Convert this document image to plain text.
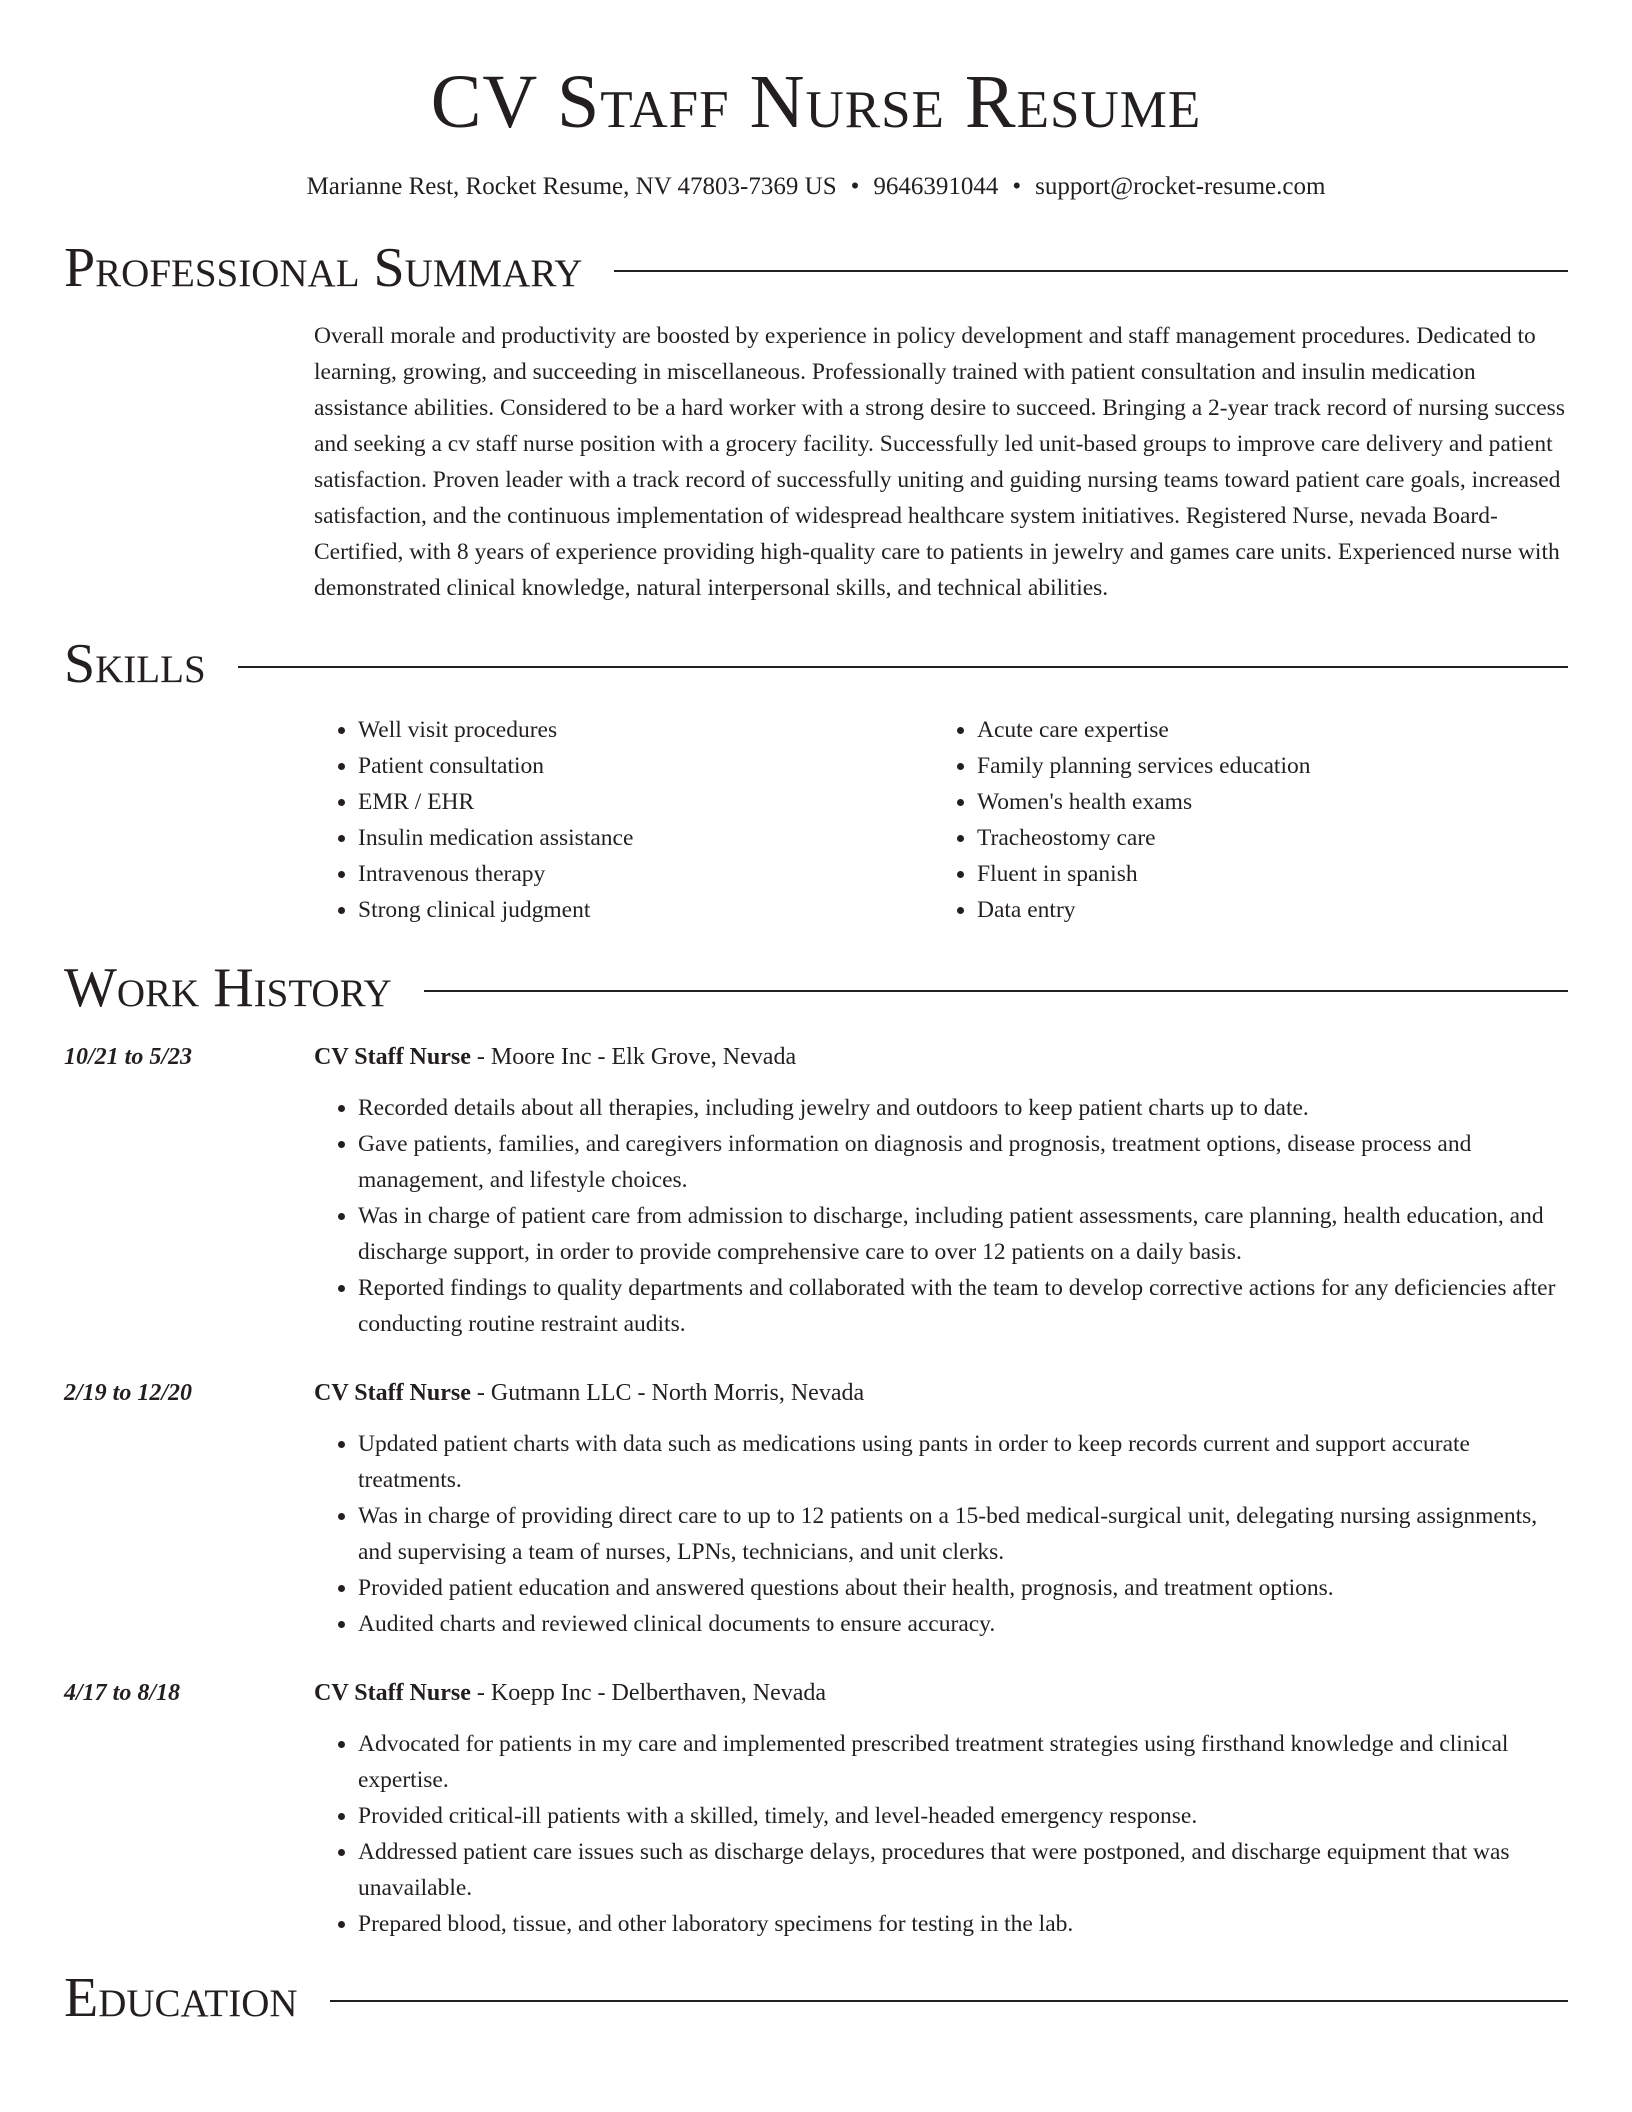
CV Staff Nurse Resume
Marianne Rest, Rocket Resume, NV 47803-7369 US • 9646391044 • support@rocket-resume.com
Professional Summary
Overall morale and productivity are boosted by experience in policy development and staff management procedures. Dedicated to learning, growing, and succeeding in miscellaneous. Professionally trained with patient consultation and insulin medication assistance abilities. Considered to be a hard worker with a strong desire to succeed. Bringing a 2-year track record of nursing success and seeking a cv staff nurse position with a grocery facility. Successfully led unit-based groups to improve care delivery and patient satisfaction. Proven leader with a track record of successfully uniting and guiding nursing teams toward patient care goals, increased satisfaction, and the continuous implementation of widespread healthcare system initiatives. Registered Nurse, nevada Board-Certified, with 8 years of experience providing high-quality care to patients in jewelry and games care units. Experienced nurse with demonstrated clinical knowledge, natural interpersonal skills, and technical abilities.
Skills
• Well visit procedures
• Patient consultation
• EMR / EHR
• Insulin medication assistance
• Intravenous therapy
• Strong clinical judgment
• Acute care expertise
• Family planning services education
• Women's health exams
• Tracheostomy care
• Fluent in spanish
• Data entry
Work History
10/21 to 5/23	CV Staff Nurse - Moore Inc - Elk Grove, Nevada
• Recorded details about all therapies, including jewelry and outdoors to keep patient charts up to date.
• Gave patients, families, and caregivers information on diagnosis and prognosis, treatment options, disease process and management, and lifestyle choices.
• Was in charge of patient care from admission to discharge, including patient assessments, care planning, health education, and discharge support, in order to provide comprehensive care to over 12 patients on a daily basis.
• Reported findings to quality departments and collaborated with the team to develop corrective actions for any deficiencies after conducting routine restraint audits.
2/19 to 12/20	CV Staff Nurse - Gutmann LLC - North Morris, Nevada
• Updated patient charts with data such as medications using pants in order to keep records current and support accurate treatments.
• Was in charge of providing direct care to up to 12 patients on a 15-bed medical-surgical unit, delegating nursing assignments, and supervising a team of nurses, LPNs, technicians, and unit clerks.
• Provided patient education and answered questions about their health, prognosis, and treatment options.
• Audited charts and reviewed clinical documents to ensure accuracy.
4/17 to 8/18	CV Staff Nurse - Koepp Inc - Delberthaven, Nevada
• Advocated for patients in my care and implemented prescribed treatment strategies using firsthand knowledge and clinical expertise.
• Provided critical-ill patients with a skilled, timely, and level-headed emergency response.
• Addressed patient care issues such as discharge delays, procedures that were postponed, and discharge equipment that was unavailable.
• Prepared blood, tissue, and other laboratory specimens for testing in the lab.
Education
